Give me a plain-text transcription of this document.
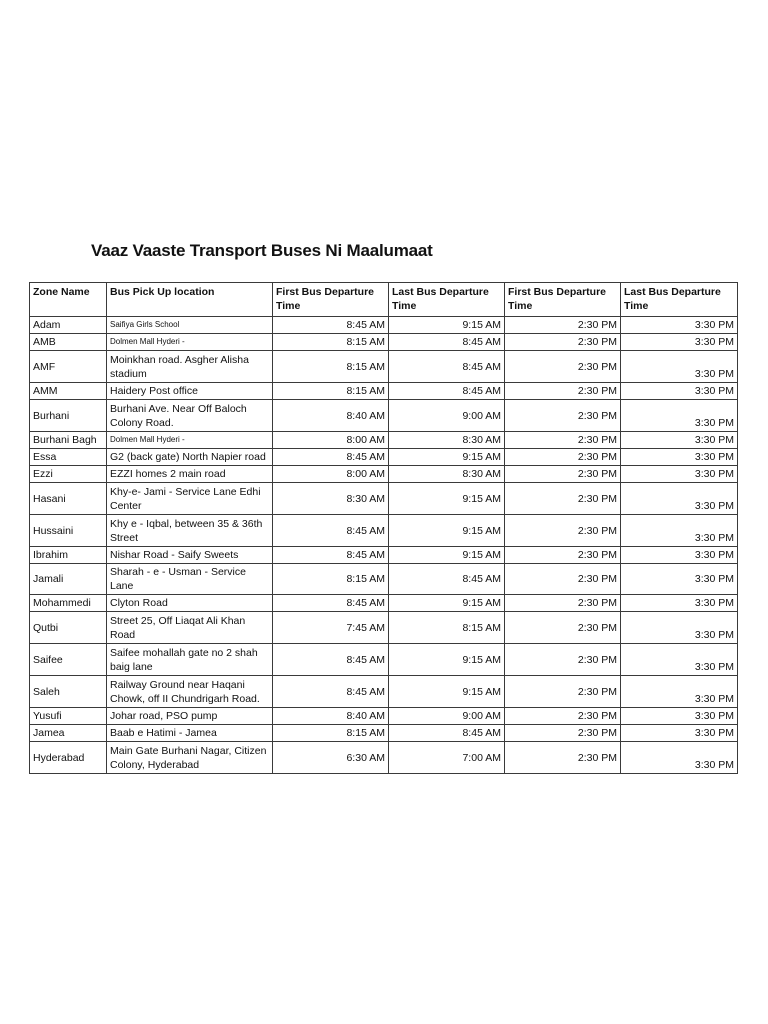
Vaaz Vaaste Transport Buses Ni Maalumaat
Zone Name	Bus Pick Up location	First Bus Departure Time	Last Bus Departure Time	First Bus Departure Time	Last Bus Departure Time
Adam	Saifiya Girls School	8:45 AM	9:15 AM	2:30 PM	3:30 PM
AMB	Dolmen Mall Hyderi -	8:15 AM	8:45 AM	2:30 PM	3:30 PM
AMF	Moinkhan road. Asgher Alisha stadium	8:15 AM	8:45 AM	2:30 PM	3:30 PM
AMM	Haidery Post office	8:15 AM	8:45 AM	2:30 PM	3:30 PM
Burhani	Burhani Ave. Near Off Baloch Colony Road.	8:40 AM	9:00 AM	2:30 PM	3:30 PM
Burhani Bagh	Dolmen Mall Hyderi -	8:00 AM	8:30 AM	2:30 PM	3:30 PM
Essa	G2 (back gate) North Napier road	8:45 AM	9:15 AM	2:30 PM	3:30 PM
Ezzi	EZZI homes 2 main road	8:00 AM	8:30 AM	2:30 PM	3:30 PM
Hasani	Khy-e- Jami - Service Lane Edhi Center	8:30 AM	9:15 AM	2:30 PM	3:30 PM
Hussaini	Khy e - Iqbal, between 35 & 36th Street	8:45 AM	9:15 AM	2:30 PM	3:30 PM
Ibrahim	Nishar Road - Saify Sweets	8:45 AM	9:15 AM	2:30 PM	3:30 PM
Jamali	Sharah - e - Usman - Service Lane	8:15 AM	8:45 AM	2:30 PM	3:30 PM
Mohammedi	Clyton Road	8:45 AM	9:15 AM	2:30 PM	3:30 PM
Qutbi	Street 25, Off Liaqat Ali Khan Road	7:45 AM	8:15 AM	2:30 PM	3:30 PM
Saifee	Saifee mohallah gate no 2 shah baig lane	8:45 AM	9:15 AM	2:30 PM	3:30 PM
Saleh	Railway Ground near Haqani Chowk, off II Chundrigarh Road.	8:45 AM	9:15 AM	2:30 PM	3:30 PM
Yusufi	Johar road, PSO pump	8:40 AM	9:00 AM	2:30 PM	3:30 PM
Jamea	Baab e Hatimi - Jamea	8:15 AM	8:45 AM	2:30 PM	3:30 PM
Hyderabad	Main Gate Burhani Nagar, Citizen Colony, Hyderabad	6:30 AM	7:00 AM	2:30 PM	3:30 PM
